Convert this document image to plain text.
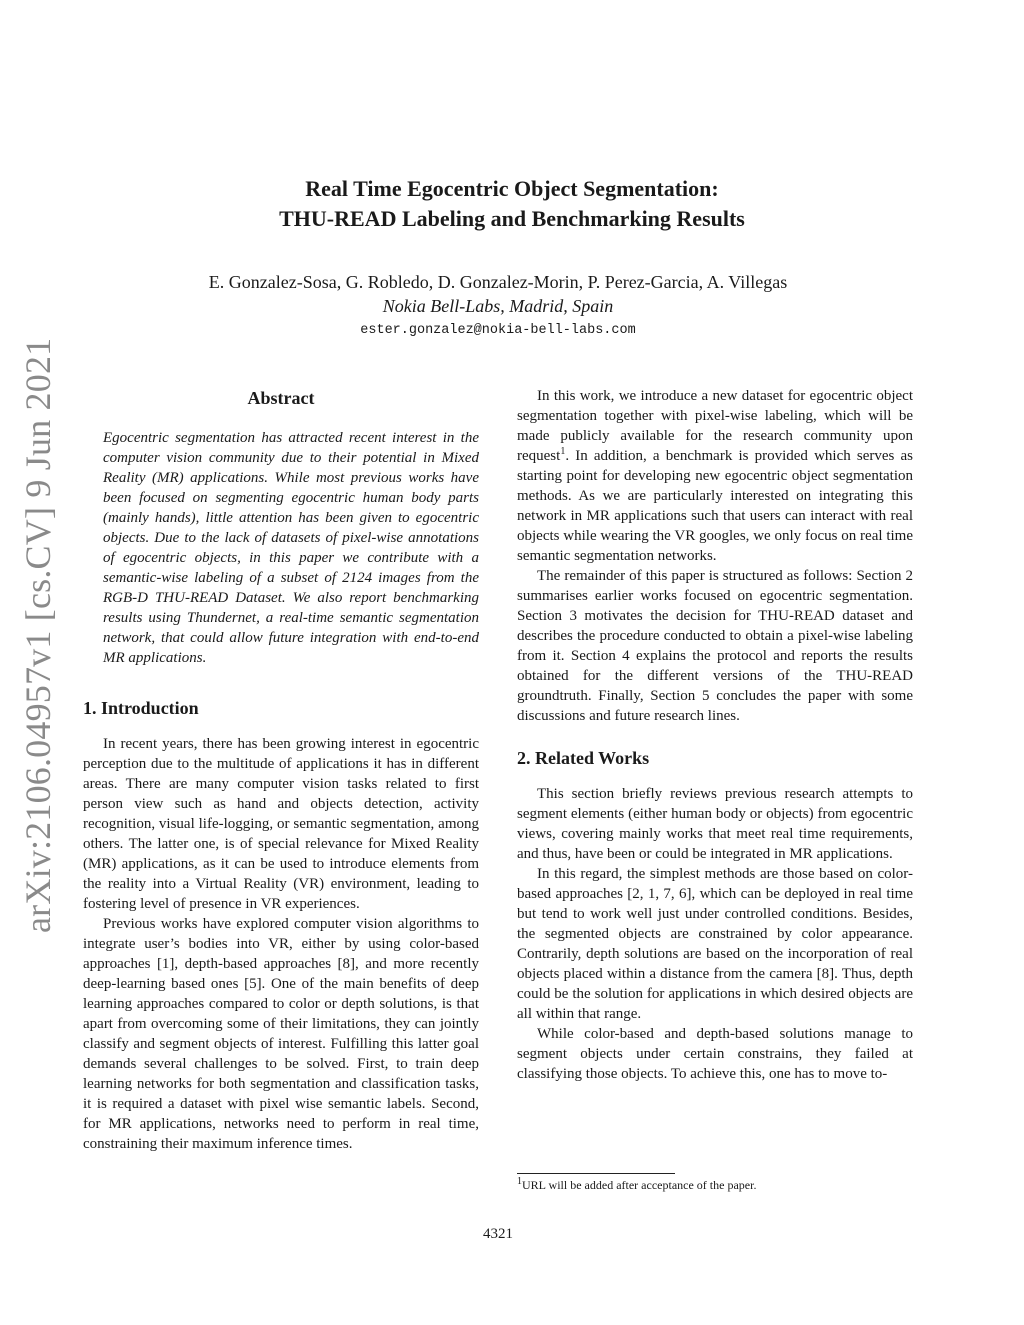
arXiv:2106.04957v1 [cs.CV] 9 Jun 2021
Real Time Egocentric Object Segmentation:
THU-READ Labeling and Benchmarking Results
E. Gonzalez-Sosa, G. Robledo, D. Gonzalez-Morin, P. Perez-Garcia, A. Villegas
Nokia Bell-Labs, Madrid, Spain
ester.gonzalez@nokia-bell-labs.com
Abstract

Egocentric segmentation has attracted recent interest in the computer vision community due to their potential in Mixed Reality (MR) applications. While most previous works have been focused on segmenting egocentric human body parts (mainly hands), little attention has been given to egocentric objects. Due to the lack of datasets of pixel-wise annotations of egocentric objects, in this paper we contribute with a semantic-wise labeling of a subset of 2124 images from the RGB-D THU-READ Dataset. We also report benchmarking results using Thundernet, a real-time semantic segmentation network, that could allow future integration with end-to-end MR applications.

1. Introduction

In recent years, there has been growing interest in egocentric perception due to the multitude of applications it has in different areas. There are many computer vision tasks related to first person view such as hand and objects detection, activity recognition, visual life-logging, or semantic segmentation, among others. The latter one, is of special relevance for Mixed Reality (MR) applications, as it can be used to introduce elements from the reality into a Virtual Reality (VR) environment, leading to fostering level of presence in VR experiences.

Previous works have explored computer vision algorithms to integrate user’s bodies into VR, either by using color-based approaches [1], depth-based approaches [8], and more recently deep-learning based ones [5]. One of the main benefits of deep learning approaches compared to color or depth solutions, is that apart from overcoming some of their limitations, they can jointly classify and segment objects of interest. Fulfilling this latter goal demands several challenges to be solved. First, to train deep learning networks for both segmentation and classification tasks, it is required a dataset with pixel wise semantic labels. Second, for MR applications, networks need to perform in real time, constraining their maximum inference times.

In this work, we introduce a new dataset for egocentric object segmentation together with pixel-wise labeling, which will be made publicly available for the research community upon request$^1$. In addition, a benchmark is provided which serves as starting point for developing new egocentric object segmentation methods. As we are particularly interested on integrating this network in MR applications such that users can interact with real objects while wearing the VR googles, we only focus on real time semantic segmentation networks.

The remainder of this paper is structured as follows: Section 2 summarises earlier works focused on egocentric segmentation. Section 3 motivates the decision for THU-READ dataset and describes the procedure conducted to obtain a pixel-wise labeling from it. Section 4 explains the protocol and reports the results obtained for the different versions of the THU-READ groundtruth. Finally, Section 5 concludes the paper with some discussions and future research lines.

2. Related Works

This section briefly reviews previous research attempts to segment elements (either human body or objects) from egocentric views, covering mainly works that meet real time requirements, and thus, have been or could be integrated in MR applications.

In this regard, the simplest methods are those based on color-based approaches [2, 1, 7, 6], which can be deployed in real time but tend to work well just under controlled conditions. Besides, the segmented objects are constrained by color appearance. Contrarily, depth solutions are based on the incorporation of real objects placed within a distance from the camera [8]. Thus, depth could be the solution for applications in which desired objects are all within that range.

While color-based and depth-based solutions manage to segment objects under certain constrains, they failed at classifying those objects. To achieve this, one has to move to-

$^1$URL will be added after acceptance of the paper.
4321
